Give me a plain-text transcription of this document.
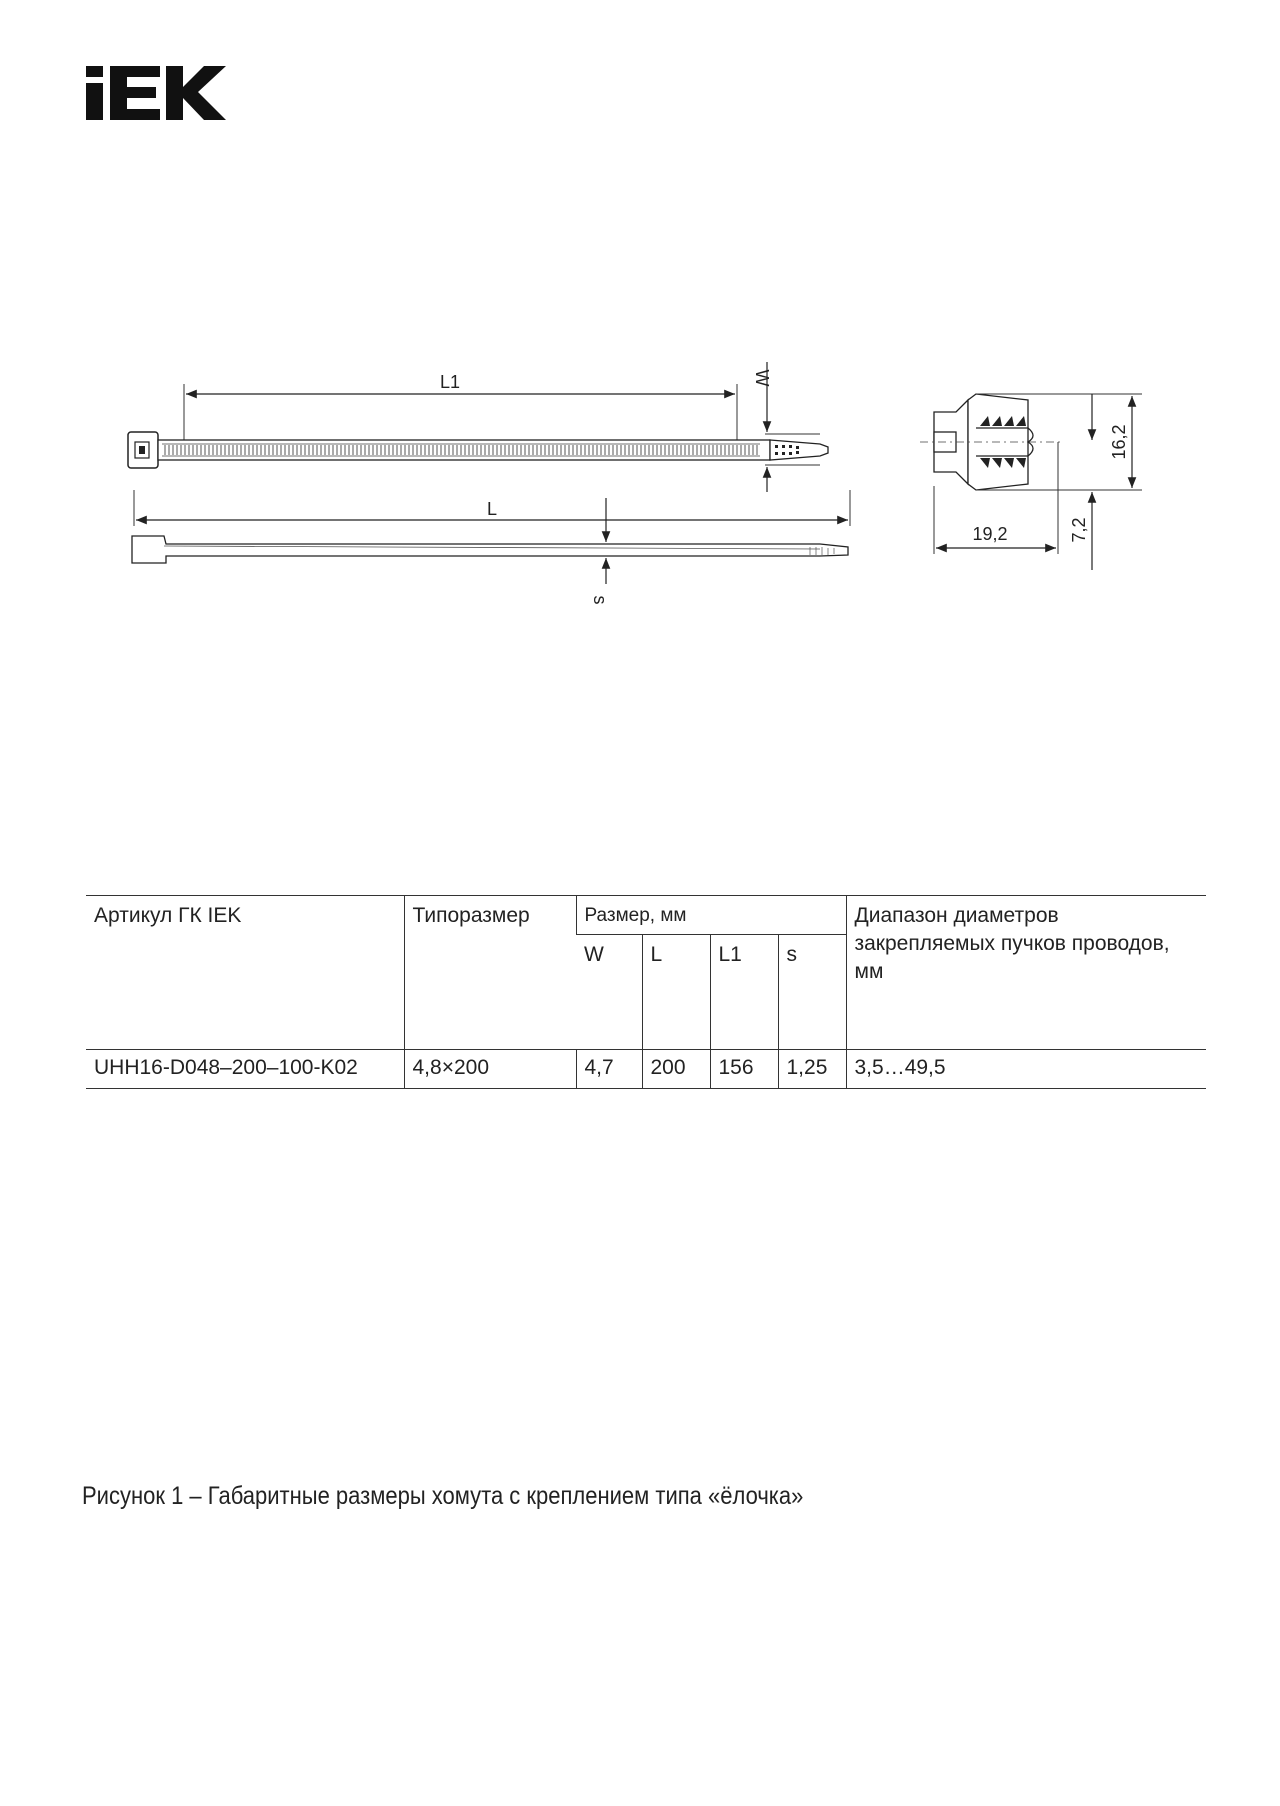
L1	W
L
s
19,2
16,2
7,2
Артикул ГК IEK	Типоразмер	Размер, мм				Диапазон диаметров закрепляемых пучков проводов, мм
		W	L	L1	s	
UHH16-D048–200–100-K02	4,8×200	4,7	200	156	1,25	3,5…49,5
Рисунок 1 – Габаритные размеры хомута с креплением типа «ёлочка»
